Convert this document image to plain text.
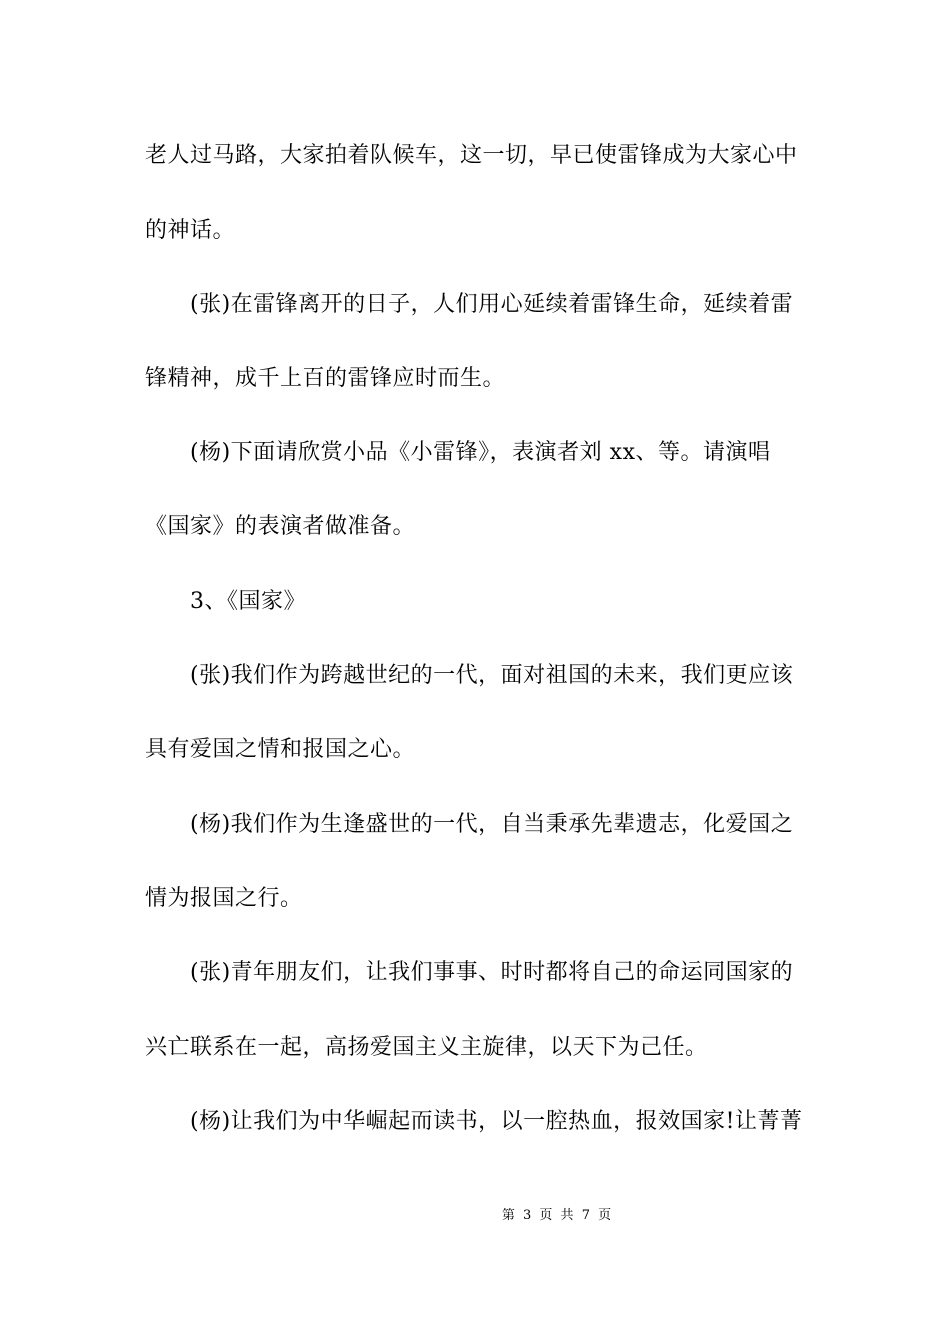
老人过马路，大家拍着队候车，这一切，早已使雷锋成为大家心中
的神话。
(张)在雷锋离开的日子，人们用心延续着雷锋生命，延续着雷
锋精神，成千上百的雷锋应时而生。
(杨)下面请欣赏小品《小雷锋》，表演者刘 xx、等。请演唱
《国家》的表演者做准备。
3、《国家》
(张)我们作为跨越世纪的一代，面对祖国的未来，我们更应该
具有爱国之情和报国之心。
(杨)我们作为生逢盛世的一代，自当秉承先辈遗志，化爱国之
情为报国之行。
(张)青年朋友们，让我们事事、时时都将自己的命运同国家的
兴亡联系在一起，高扬爱国主义主旋律，以天下为己任。
(杨)让我们为中华崛起而读书，以一腔热血，报效国家!让菁菁
第 3 页 共 7 页
